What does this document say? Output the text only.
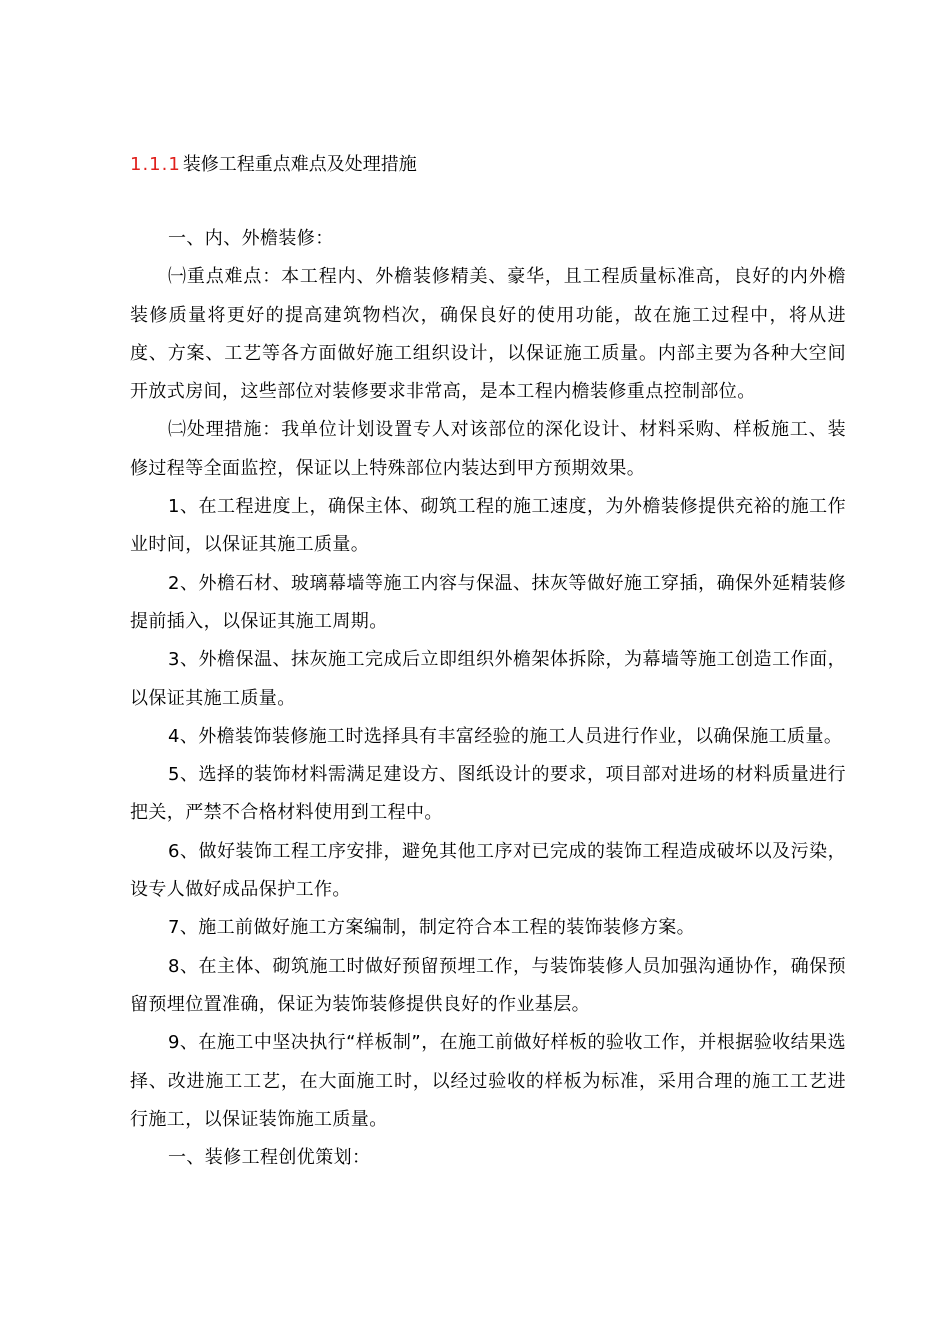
1.1.1 装修工程重点难点及处理措施

一、内、外檐装修：

㈠重点难点：本工程内、外檐装修精美、豪华，且工程质量标准高，良好的内外檐装修质量将更好的提高建筑物档次，确保良好的使用功能，故在施工过程中，将从进度、方案、工艺等各方面做好施工组织设计，以保证施工质量。内部主要为各种大空间开放式房间，这些部位对装修要求非常高，是本工程内檐装修重点控制部位。

㈡处理措施：我单位计划设置专人对该部位的深化设计、材料采购、样板施工、装修过程等全面监控，保证以上特殊部位内装达到甲方预期效果。

1、在工程进度上，确保主体、砌筑工程的施工速度，为外檐装修提供充裕的施工作业时间，以保证其施工质量。

2、外檐石材、玻璃幕墙等施工内容与保温、抹灰等做好施工穿插，确保外延精装修提前插入，以保证其施工周期。

3、外檐保温、抹灰施工完成后立即组织外檐架体拆除，为幕墙等施工创造工作面，以保证其施工质量。

4、外檐装饰装修施工时选择具有丰富经验的施工人员进行作业，以确保施工质量。

5、选择的装饰材料需满足建设方、图纸设计的要求，项目部对进场的材料质量进行把关，严禁不合格材料使用到工程中。

6、做好装饰工程工序安排，避免其他工序对已完成的装饰工程造成破坏以及污染，设专人做好成品保护工作。

7、施工前做好施工方案编制，制定符合本工程的装饰装修方案。

8、在主体、砌筑施工时做好预留预埋工作，与装饰装修人员加强沟通协作，确保预留预埋位置准确，保证为装饰装修提供良好的作业基层。

9、在施工中坚决执行“样板制”，在施工前做好样板的验收工作，并根据验收结果选择、改进施工工艺，在大面施工时，以经过验收的样板为标准，采用合理的施工工艺进行施工，以保证装饰施工质量。

一、装修工程创优策划：
